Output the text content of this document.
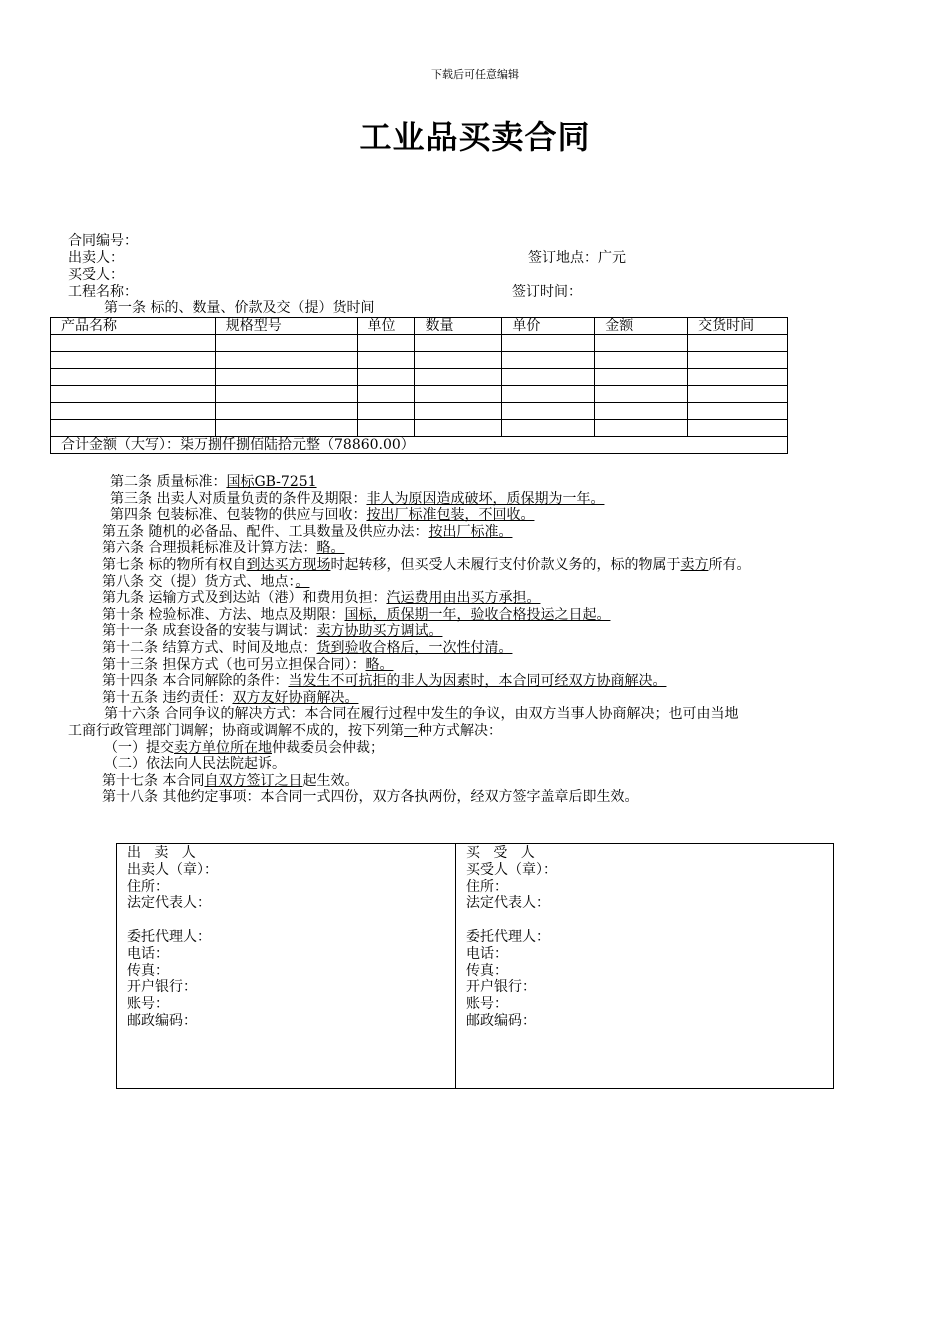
下载后可任意编辑
工业品买卖合同
合同编号：
出卖人：	签订地点：广元
买受人：
工程名称：	签订时间：
第一条 标的、数量、价款及交（提）货时间
产品名称	规格型号	单位	数量	单价	金额	交货时间

合计金额（大写）：柒万捌仟捌佰陆拾元整（78860.00）						
第二条 质量标准：国标GB-7251
第三条 出卖人对质量负责的条件及期限：非人为原因造成破坏，质保期为一年。
第四条 包装标准、包装物的供应与回收：按出厂标准包装，不回收。
第五条 随机的必备品、配件、工具数量及供应办法：按出厂标准。
第六条 合理损耗标准及计算方法：略。
第七条 标的物所有权自到达买方现场时起转移，但买受人未履行支付价款义务的，标的物属于卖方所有。
第八条 交（提）货方式、地点：。
第九条 运输方式及到达站（港）和费用负担：汽运费用由出买方承担。
第十条 检验标准、方法、地点及期限：国标，质保期一年，验收合格投运之日起。
第十一条 成套设备的安装与调试：卖方协助买方调试。
第十二条 结算方式、时间及地点：货到验收合格后，一次性付清。
第十三条 担保方式（也可另立担保合同）：略。
第十四条 本合同解除的条件：当发生不可抗拒的非人为因素时，本合同可经双方协商解决。
第十五条 违约责任：双方友好协商解决。
第十六条 合同争议的解决方式：本合同在履行过程中发生的争议，由双方当事人协商解决；也可由当地
工商行政管理部门调解；协商或调解不成的，按下列第一种方式解决：
（一）提交卖方单位所在地仲裁委员会仲裁；
（二）依法向人民法院起诉。
第十七条 本合同自双方签订之日起生效。
第十八条 其他约定事项：本合同一式四份，双方各执两份，经双方签字盖章后即生效。
出   卖   人
出卖人（章）：
住所：
法定代表人：
委托代理人：
电话：
传真：
开户银行：
账号：
邮政编码：
买   受   人
买受人（章）：
住所：
法定代表人：
委托代理人：
电话：
传真：
开户银行：
账号：
邮政编码：
